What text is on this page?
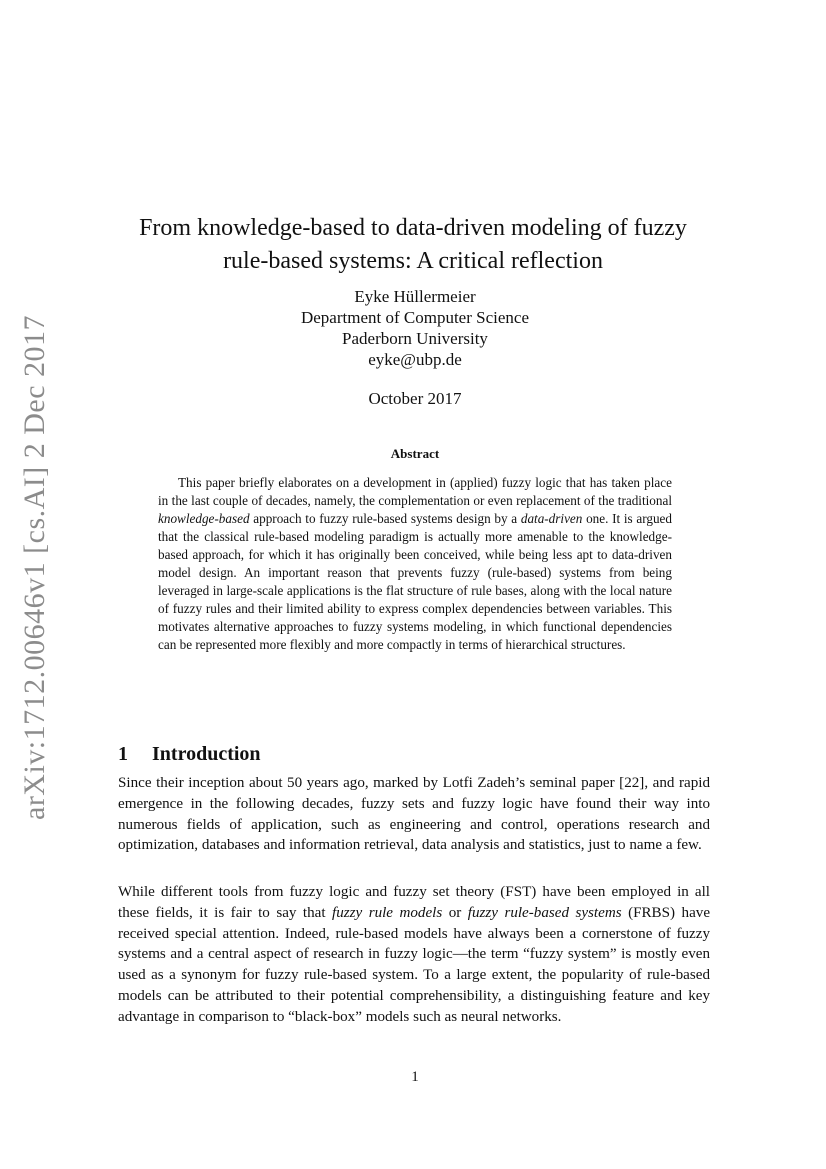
arXiv:1712.00646v1 [cs.AI] 2 Dec 2017
From knowledge-based to data-driven modeling of fuzzy
rule-based systems: A critical reflection
Eyke Hüllermeier
Department of Computer Science
Paderborn University
eyke@ubp.de
October 2017
Abstract

This paper briefly elaborates on a development in (applied) fuzzy logic that has taken place in the last couple of decades, namely, the complementation or even replacement of the traditional knowledge-based approach to fuzzy rule-based systems design by a data-driven one. It is argued that the classical rule-based modeling paradigm is actually more amenable to the knowledge-based approach, for which it has originally been conceived, while being less apt to data-driven model design. An important reason that prevents fuzzy (rule-based) systems from being leveraged in large-scale applications is the flat structure of rule bases, along with the local nature of fuzzy rules and their limited ability to express complex dependencies between variables. This motivates alternative approaches to fuzzy systems modeling, in which functional dependencies can be represented more flexibly and more compactly in terms of hierarchical structures.

1 Introduction

Since their inception about 50 years ago, marked by Lotfi Zadeh’s seminal paper [22], and rapid emergence in the following decades, fuzzy sets and fuzzy logic have found their way into numerous fields of application, such as engineering and control, operations research and optimization, databases and information retrieval, data analysis and statistics, just to name a few.

While different tools from fuzzy logic and fuzzy set theory (FST) have been employed in all these fields, it is fair to say that fuzzy rule models or fuzzy rule-based systems (FRBS) have received special attention. Indeed, rule-based models have always been a cornerstone of fuzzy systems and a central aspect of research in fuzzy logic—the term “fuzzy system” is mostly even used as a synonym for fuzzy rule-based system. To a large extent, the popularity of rule-based models can be attributed to their potential comprehensibility, a distinguishing feature and key advantage in comparison to “black-box” models such as neural networks.

1
